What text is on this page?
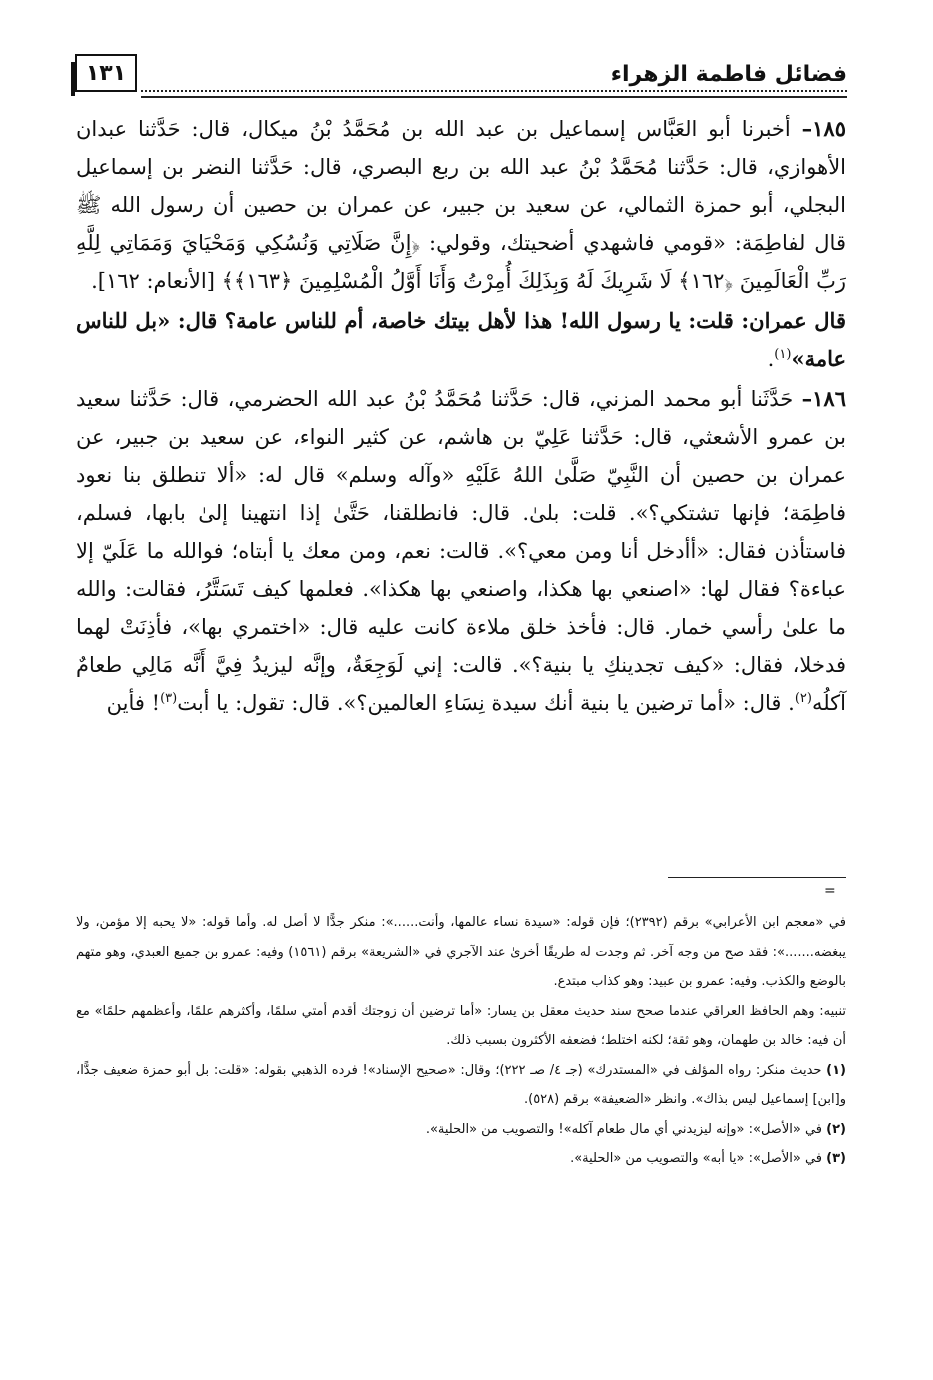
فضائل فاطمة الزهراء
١٣١

١٨٥– أخبرنا أبو العَبَّاس إسماعيل بن عبد الله بن مُحَمَّدُ بْنُ ميكال، قال: حَدَّثنا عبدان الأهوازي، قال: حَدَّثنا مُحَمَّدُ بْنُ عبد الله بن ربع البصري، قال: حَدَّثنا النضر بن إسماعيل البجلي، أبو حمزة الثمالي، عن سعيد بن جبير، عن عمران بن حصين أن رسول الله ﷺ قال لفاطِمَة: «قومي فاشهدي أضحيتك، وقولي: ﴿إِنَّ صَلَاتِي وَنُسُكِي وَمَحْيَايَ وَمَمَاتِي لِلَّهِ رَبِّ الْعَالَمِينَ ﴿١٦٢﴾ لَا شَرِيكَ لَهُ وَبِذَلِكَ أُمِرْتُ وَأَنَا أَوَّلُ الْمُسْلِمِينَ ﴿١٦٣﴾﴾ [الأنعام: ١٦٢].

قال عمران: قلت: يا رسول الله! هذا لأهل بيتك خاصة، أم للناس عامة؟ قال: «بل للناس عامة»$^{(١)}$.

١٨٦– حَدَّثَنا أبو محمد المزني، قال: حَدَّثنا مُحَمَّدُ بْنُ عبد الله الحضرمي، قال: حَدَّثنا سعيد بن عمرو الأشعثي، قال: حَدَّثنا عَلِيّ بن هاشم، عن كثير النواء، عن سعيد بن جبير، عن عمران بن حصين أن النَّبِيّ صَلَّىٰ اللهُ عَلَيْهِ «وآله وسلم» قال له: «ألا تنطلق بنا نعود فاطِمَة؛ فإنها تشتكي؟». قلت: بلىٰ. قال: فانطلقنا، حَتَّىٰ إذا انتهينا إلىٰ بابها، فسلم، فاستأذن فقال: «أأدخل أنا ومن معي؟». قالت: نعم، ومن معك يا أبتاه؛ فوالله ما عَلَيّ إلا عباءة؟ فقال لها: «اصنعي بها هكذا، واصنعي بها هكذا». فعلمها كيف تَسَتَّرُ، فقالت: والله ما علىٰ رأسي خمار. قال: فأخذ خلق ملاءة كانت عليه قال: «اختمري بها»، فأذِنَتْ لهما فدخلا، فقال: «كيف تجدينكِ يا بنية؟». قالت: إني لَوَجِعَةٌ، وإنَّه ليزيدُ فِيَّ أَنَّه مَالِي طعامٌ آكلُه$^{(٢)}$. قال: «أما ترضين يا بنية أنك سيدة نِسَاءِ العالمين؟». قال: تقول: يا أبت$^{(٣)}$! فأين

=

في «معجم ابن الأعرابي» برقم (٢٣٩٢)؛ فإن قوله: «سيدة نساء عالمها، وأنت......»: منكر جدًّا لا أصل له. وأما قوله: «لا يحبه إلا مؤمن، ولا يبغضه.......»: فقد صح من وجه آخر. ثم وجدت له طريقًا أخرىٰ عند الآجري في «الشريعة» برقم (١٥٦١) وفيه: عمرو بن جميع العبدي، وهو متهم بالوضع والكذب. وفيه: عمرو بن عبيد: وهو كذاب مبتدع.

تنبيه: وهم الحافظ العراقي عندما صحح سند حديث معقل بن يسار: «أما ترضين أن زوجتك أقدم أمتي سلمًا، وأكثرهم علمًا، وأعظمهم حلمًا» مع أن فيه: خالد بن طهمان، وهو ثقة؛ لكنه اختلط؛ فضعفه الأكثرون بسبب ذلك.

(١) حديث منكر: رواه المؤلف في «المستدرك» (جـ ٤/ صـ ٢٢٢)؛ وقال: «صحيح الإسناد»! فرده الذهبي بقوله: «قلت: بل أبو حمزة ضعيف جدًّا، و[ابن] إسماعيل ليس بذاك». وانظر «الضعيفة» برقم (٥٢٨).

(٢) في «الأصل»: «وإنه ليزيدني أي مال طعام آكله»! والتصويب من «الحلية».

(٣) في «الأصل»: «يا أبه» والتصويب من «الحلية».
